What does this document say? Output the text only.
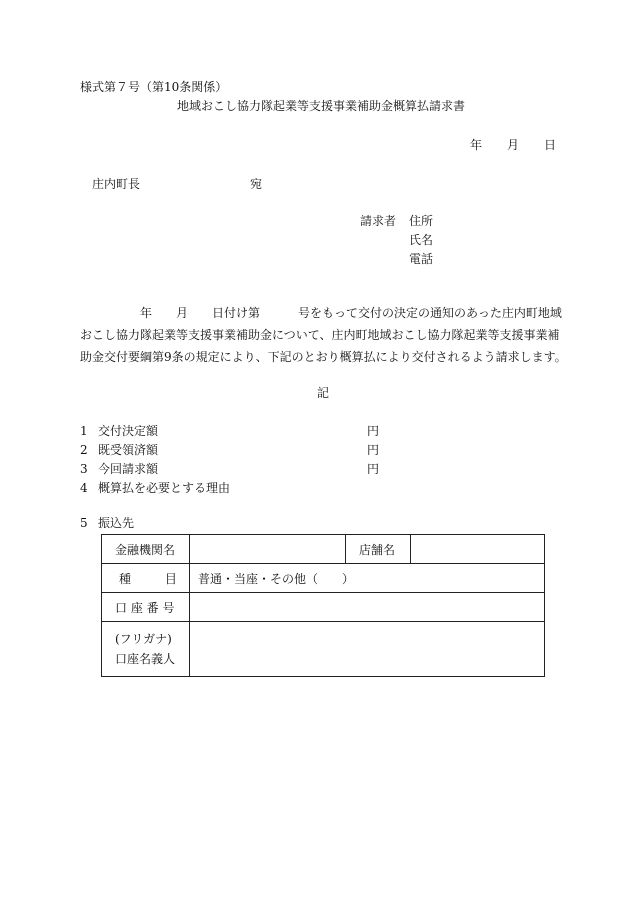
様式第７号（第10条関係）
地域おこし協力隊起業等支援事業補助金概算払請求書
年 月 日
庄内町長	宛
請求者 住所
氏名
電話
年 月 日付け第	号をもって交付の決定の通知のあった庄内町地域
おこし協力隊起業等支援事業補助金について、庄内町地域おこし協力隊起業等支援事業補
助金交付要綱第9条の規定により、下記のとおり概算払により交付されるよう請求します。
記
1 交付決定額	円
2 既受領済額	円
3 今回請求額	円
4 概算払を必要とする理由
5 振込先
金融機関名		店舗名	
種 目	普通・当座・その他（　　）		
口 座 番 号			

(フリガナ)
口座名義人			
